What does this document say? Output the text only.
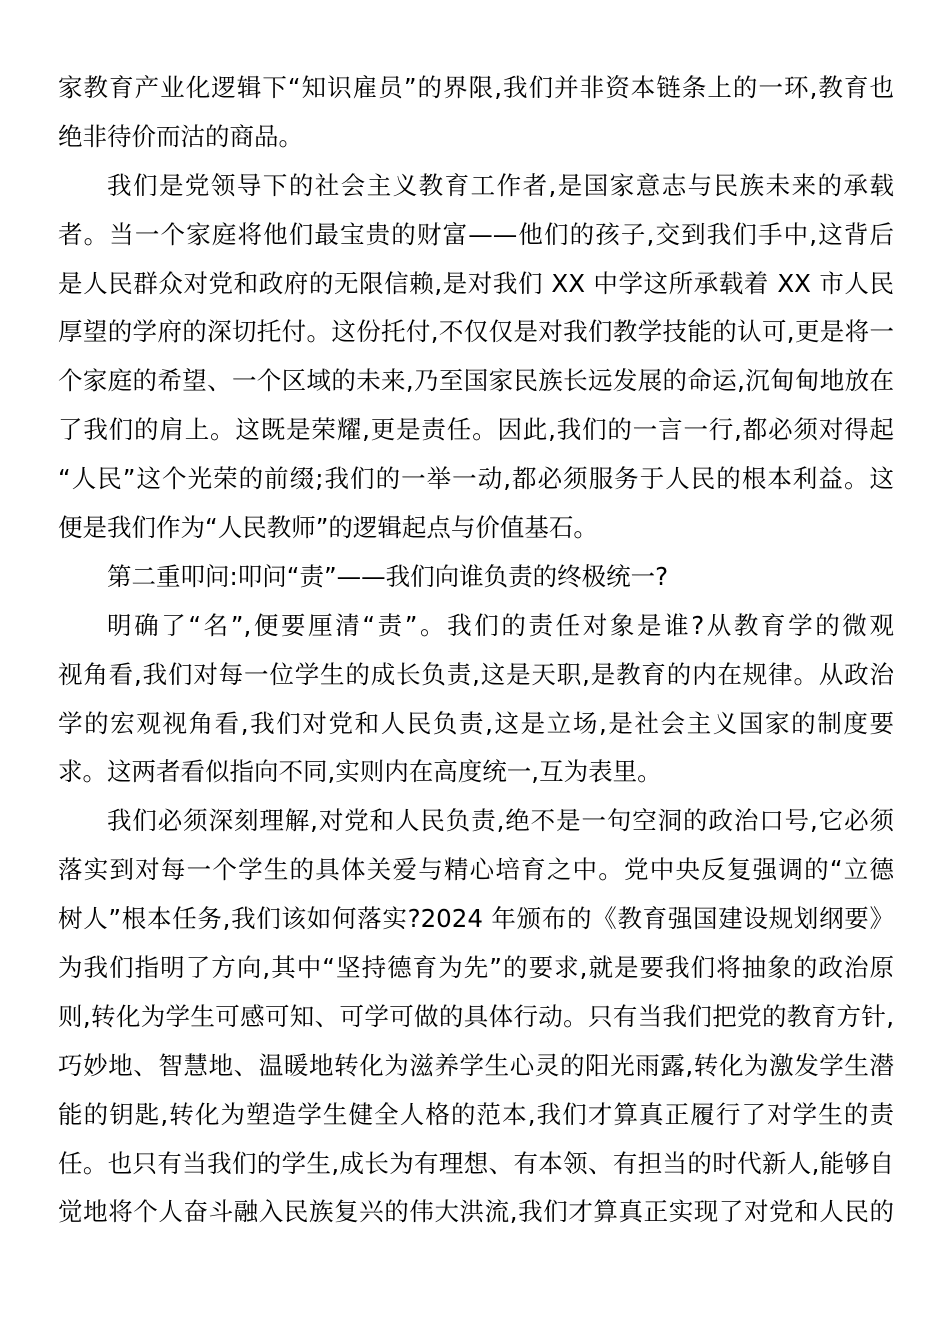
家教育产业化逻辑下“知识雇员”的界限,我们并非资本链条上的一环,教育也
绝非待价而沽的商品。
我们是党领导下的社会主义教育工作者,是国家意志与民族未来的承载
者。当一个家庭将他们最宝贵的财富——他们的孩子,交到我们手中,这背后
是人民群众对党和政府的无限信赖,是对我们 XX 中学这所承载着 XX 市人民
厚望的学府的深切托付。这份托付,不仅仅是对我们教学技能的认可,更是将一
个家庭的希望、一个区域的未来,乃至国家民族长远发展的命运,沉甸甸地放在
了我们的肩上。这既是荣耀,更是责任。因此,我们的一言一行,都必须对得起
“人民”这个光荣的前缀;我们的一举一动,都必须服务于人民的根本利益。这
便是我们作为“人民教师”的逻辑起点与价值基石。
第二重叩问:叩问“责”——我们向谁负责的终极统一?
明确了“名”,便要厘清“责”。我们的责任对象是谁?从教育学的微观
视角看,我们对每一位学生的成长负责,这是天职,是教育的内在规律。从政治
学的宏观视角看,我们对党和人民负责,这是立场,是社会主义国家的制度要
求。这两者看似指向不同,实则内在高度统一,互为表里。
我们必须深刻理解,对党和人民负责,绝不是一句空洞的政治口号,它必须
落实到对每一个学生的具体关爱与精心培育之中。党中央反复强调的“立德
树人”根本任务,我们该如何落实?2024 年颁布的《教育强国建设规划纲要》
为我们指明了方向,其中“坚持德育为先”的要求,就是要我们将抽象的政治原
则,转化为学生可感可知、可学可做的具体行动。只有当我们把党的教育方针,
巧妙地、智慧地、温暖地转化为滋养学生心灵的阳光雨露,转化为激发学生潜
能的钥匙,转化为塑造学生健全人格的范本,我们才算真正履行了对学生的责
任。也只有当我们的学生,成长为有理想、有本领、有担当的时代新人,能够自
觉地将个人奋斗融入民族复兴的伟大洪流,我们才算真正实现了对党和人民的
